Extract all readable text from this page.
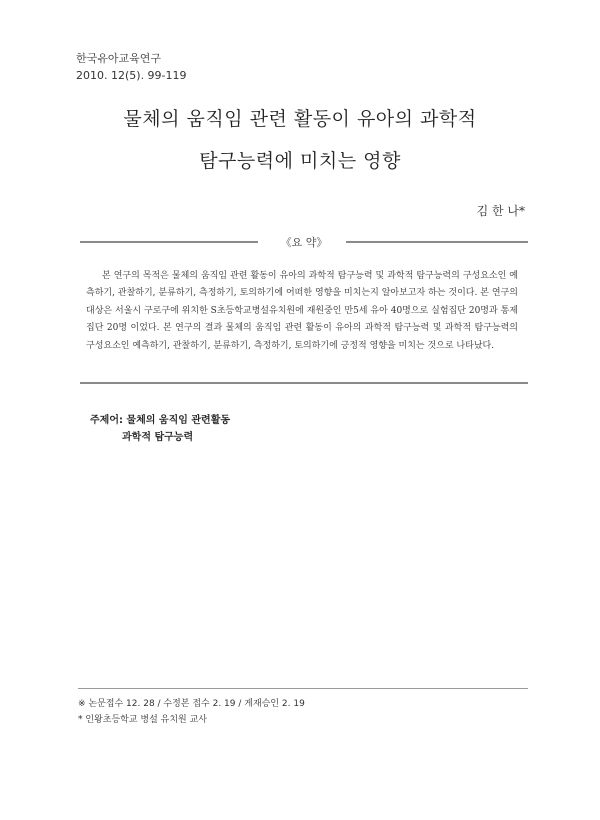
한국유아교육연구
2010. 12(5). 99-119
물체의 움직임 관련 활동이 유아의 과학적
탐구능력에 미치는 영향
김 한 나*
《요 약》
본 연구의 목적은 물체의 움직임 관련 활동이 유아의 과학적 탐구능력 및 과학적 탐구능력의 구성요소인 예측하기, 관찰하기, 분류하기, 측정하기, 토의하기에 어떠한 영향을 미치는지 알아보고자 하는 것이다. 본 연구의 대상은 서울시 구로구에 위치한 S초등학교병설유치원에 재원중인 만5세 유아 40명으로 실험집단 20명과 통제집단 20명 이었다. 본 연구의 결과 물체의 움직임 관련 활동이 유아의 과학적 탐구능력 및 과학적 탐구능력의 구성요소인 예측하기, 관찰하기, 분류하기, 측정하기, 토의하기에 긍정적 영향을 미치는 것으로 나타났다.
주제어: 물체의 움직임 관련활동
과학적 탐구능력
※ 논문접수 12. 28 / 수정본 접수 2. 19 / 게재승인 2. 19
* 인왕초등학교 병설 유치원 교사
